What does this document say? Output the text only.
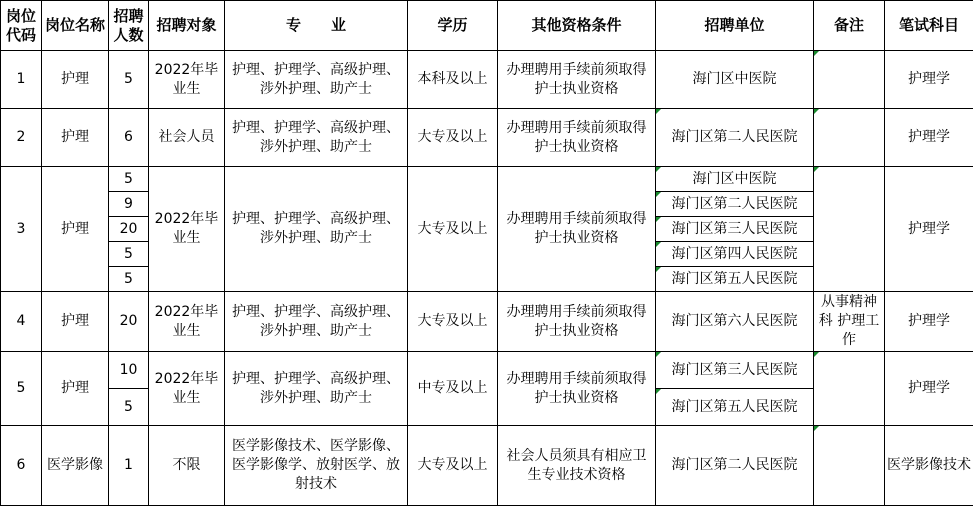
岗位代码	岗位名称	招聘人数	招聘对象	专　　业	学历	其他资格条件	招聘单位	备注	笔试科目
1	护理	5	2022年毕业生	护理、护理学、高级护理、涉外护理、助产士	本科及以上	办理聘用手续前须取得护士执业资格	海门区中医院		护理学
2	护理	6	社会人员	护理、护理学、高级护理、涉外护理、助产士	大专及以上	办理聘用手续前须取得护士执业资格	海门区第二人民医院		护理学
3	护理	5	2022年毕业生	护理、护理学、高级护理、涉外护理、助产士	大专及以上	办理聘用手续前须取得护士执业资格	海门区中医院		护理学
		9					海门区第二人民医院		
		20					海门区第三人民医院		
		5					海门区第四人民医院		
		5					海门区第五人民医院		
4	护理	20	2022年毕业生	护理、护理学、高级护理、涉外护理、助产士	大专及以上	办理聘用手续前须取得护士执业资格	海门区第六人民医院	从事精神科 护理工作	护理学
5	护理	10	2022年毕业生	护理、护理学、高级护理、涉外护理、助产士	中专及以上	办理聘用手续前须取得护士执业资格	海门区第三人民医院		护理学
		5					海门区第五人民医院		
6	医学影像	1	不限	医学影像技术、医学影像、医学影像学、放射医学、放射技术	大专及以上	社会人员须具有相应卫生专业技术资格	海门区第二人民医院		医学影像技术
